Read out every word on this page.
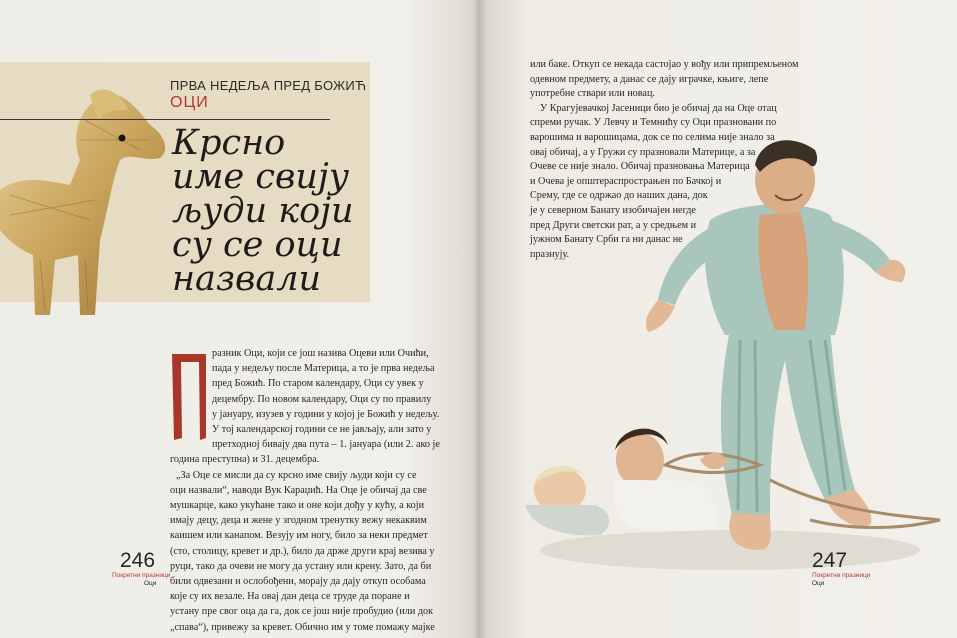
ПРВА НЕДЕЉА ПРЕД БОЖИЋ
ОЦИ
Крсно
име свију
људи који
су се оци
назвали
разник Оци, који се још назива Оцеви или Очићи,
пада у недељу после Материца, а то је прва недеља
пред Божић. По старом календару, Оци су увек у
децембру. По новом календару, Оци су по правилу
у јануару, изузев у години у којој је Божић у недељу.
У тој календарској години се не јављају, али зато у
претходној бивају два пута – 1. јануара (или 2. ако је
година преступна) и 31. децембра.
„За Оце се мисли да су крсно име свију људи који су се
оци назвали“, наводи Вук Караџић. На Оце је обичај да све
мушкарце, како укућане тако и оне који дођу у кућу, а који
имају децу, деца и жене у згодном тренутку вежу некаквим
каишем или канапом. Везују им ногу, било за неки предмет
(сто, столицу, кревет и др.), било да држе други крај везива у
руци, тако да очеви не могу да устану или крену. Зато, да би
били одвезани и ослобођени, морају да дају откуп особама
које су их везале. На овај дан деца се труде да поране и
устану пре свог оца да га, док се још није пробудио (или док
„спава“), привежу за кревет. Обично им у томе помажу мајке
246
Покретни празници
Оци
или баке. Откуп се некада састојао у вођу или припремљеном
одевном предмету, а данас се дају играчке, књиге, лепе
употребне ствари или новац.
У Крагујевачкој Јасеници био је обичај да на Оце отац
спреми ручак. У Левчу и Темнићу су Оци празновани по
варошима и варошицама, док се по селима није знало за
овај обичај, а у Гружи су празновали Материце, а за
Очеве се није знало. Обичај празновања Материца
и Очева је општераспрострањен по Бачкој и
Срему, где се одржао до наших дана, док
је у северном Банату изобичајен негде
пред Други светски рат, а у средњем и
јужном Банату Срби га ни данас не
празнују.
247
Покретни празници
Оци
